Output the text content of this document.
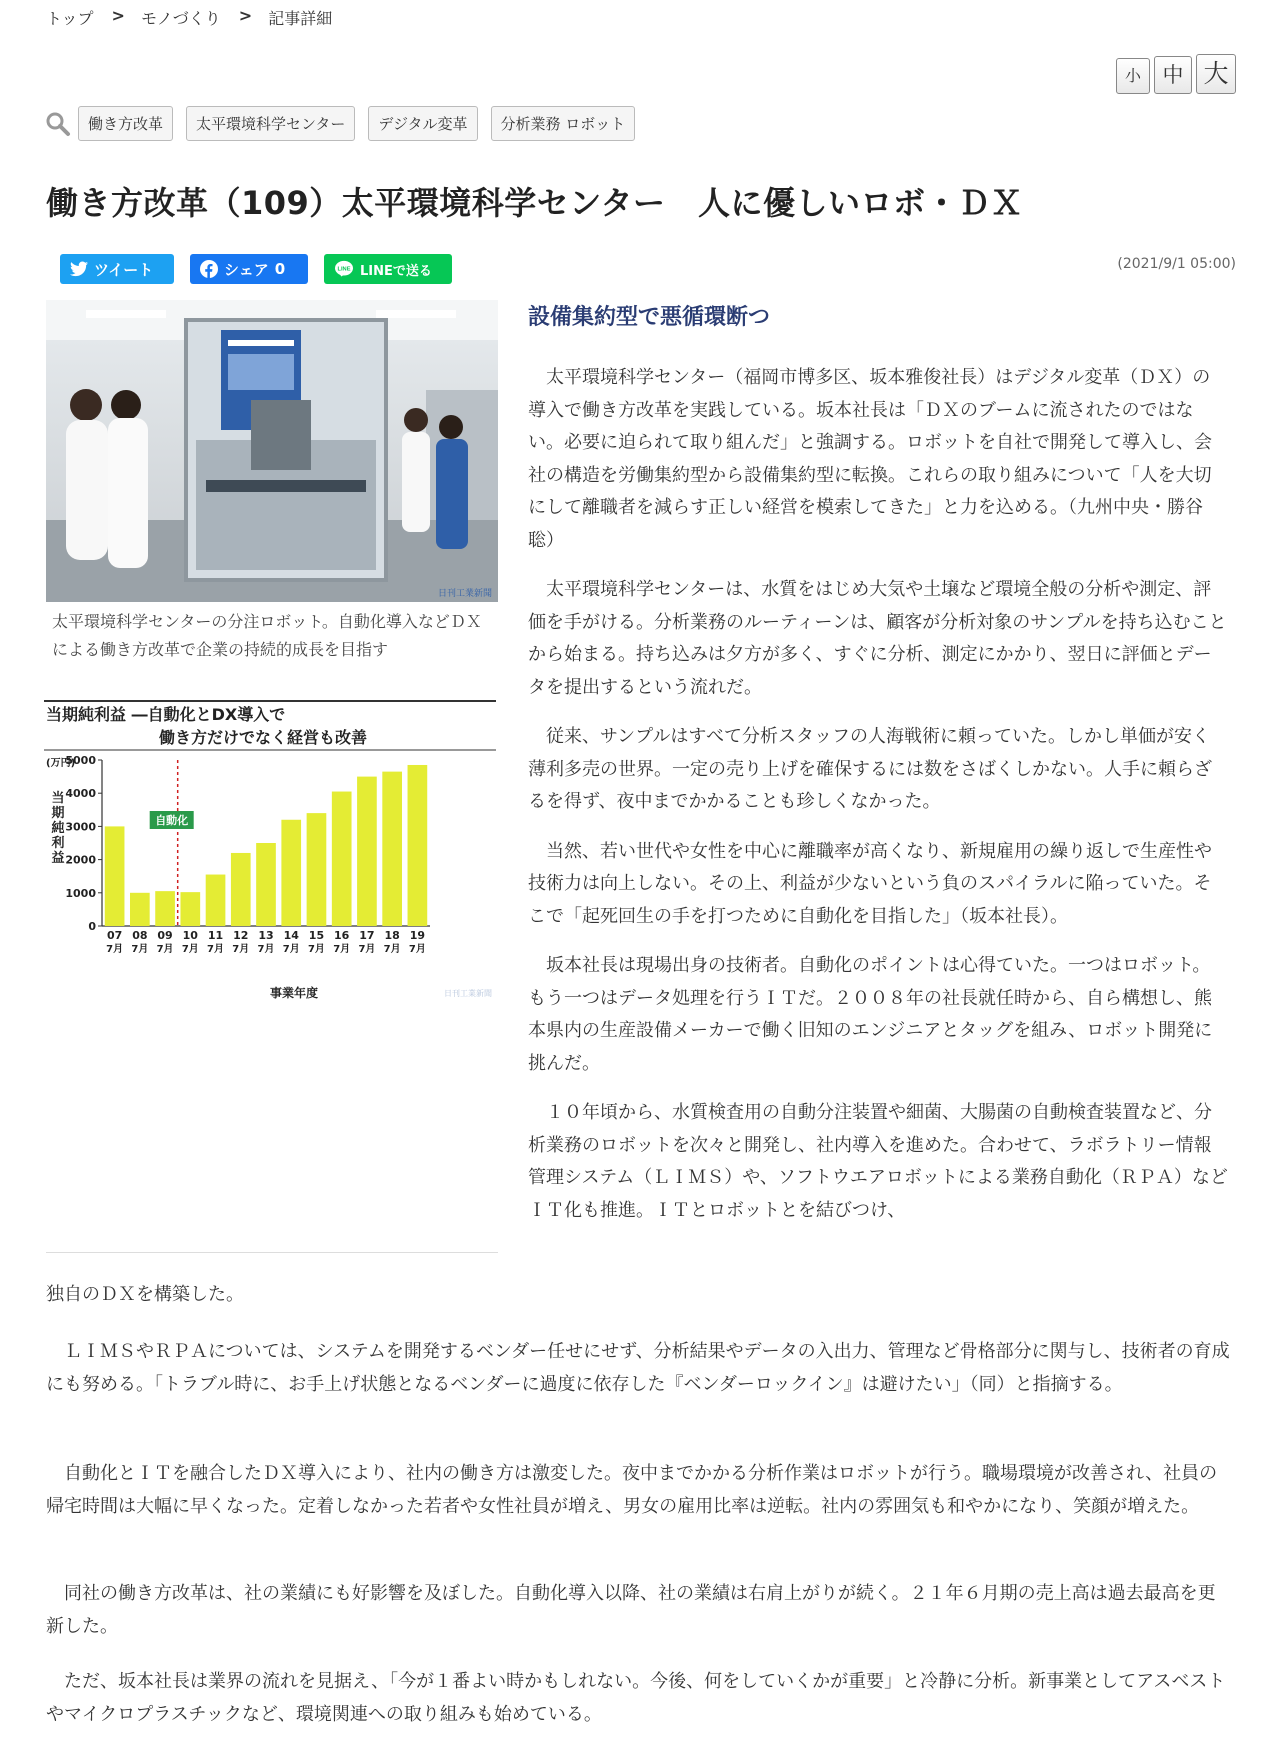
トップ > モノづくり > 記事詳細
小	中 大
働き方改革	太平環境科学センター	デジタル変革	分析業務 ロボット
働き方改革（109）太平環境科学センター　人に優しいロボ・ＤＸ
ツイート	シェア 0	LINE LINEで送る	(2021/9/1 05:00)
日刊工業新聞
太平環境科学センターの分注ロボット。自動化導入などＤＸによる働き方改革で企業の持続的成長を目指す
当期純利益 ―自動化とDX導入で
働き方だけでなく経営も改善
(万円)
当
期
純
利
益
0
1000
2000
3000
4000
5000
07
7月
08
7月
09
7月
10
7月
11
7月
12
7月
13
7月
14
7月
15
7月
16
7月
17
7月
18
7月
19
7月
自動化
事業年度	日刊工業新聞
設備集約型で悪循環断つ

太平環境科学センター（福岡市博多区、坂本雅俊社長）はデジタル変革（ＤＸ）の導入で働き方改革を実践している。坂本社長は「ＤＸのブームに流されたのではない。必要に迫られて取り組んだ」と強調する。ロボットを自社で開発して導入し、会社の構造を労働集約型から設備集約型に転換。これらの取り組みについて「人を大切にして離職者を減らす正しい経営を模索してきた」と力を込める。（九州中央・勝谷聡）

太平環境科学センターは、水質をはじめ大気や土壌など環境全般の分析や測定、評価を手がける。分析業務のルーティーンは、顧客が分析対象のサンプルを持ち込むことから始まる。持ち込みは夕方が多く、すぐに分析、測定にかかり、翌日に評価とデータを提出するという流れだ。

従来、サンプルはすべて分析スタッフの人海戦術に頼っていた。しかし単価が安く薄利多売の世界。一定の売り上げを確保するには数をさばくしかない。人手に頼らざるを得ず、夜中までかかることも珍しくなかった。

当然、若い世代や女性を中心に離職率が高くなり、新規雇用の繰り返しで生産性や技術力は向上しない。その上、利益が少ないという負のスパイラルに陥っていた。そこで「起死回生の手を打つために自動化を目指した」（坂本社長）。

坂本社長は現場出身の技術者。自動化のポイントは心得ていた。一つはロボット。もう一つはデータ処理を行うＩＴだ。２００８年の社長就任時から、自ら構想し、熊本県内の生産設備メーカーで働く旧知のエンジニアとタッグを組み、ロボット開発に挑んだ。

１０年頃から、水質検査用の自動分注装置や細菌、大腸菌の自動検査装置など、分析業務のロボットを次々と開発し、社内導入を進めた。合わせて、ラボラトリー情報管理システム（ＬＩＭＳ）や、ソフトウエアロボットによる業務自動化（ＲＰＡ）などＩＴ化も推進。ＩＴとロボットとを結びつけ、

独自のＤＸを構築した。

ＬＩＭＳやＲＰＡについては、システムを開発するベンダー任せにせず、分析結果やデータの入出力、管理など骨格部分に関与し、技術者の育成にも努める。「トラブル時に、お手上げ状態となるベンダーに過度に依存した『ベンダーロックイン』は避けたい」（同）と指摘する。

自動化とＩＴを融合したＤＸ導入により、社内の働き方は激変した。夜中までかかる分析作業はロボットが行う。職場環境が改善され、社員の帰宅時間は大幅に早くなった。定着しなかった若者や女性社員が増え、男女の雇用比率は逆転。社内の雰囲気も和やかになり、笑顔が増えた。

同社の働き方改革は、社の業績にも好影響を及ぼした。自動化導入以降、社の業績は右肩上がりが続く。２１年６月期の売上高は過去最高を更新した。

ただ、坂本社長は業界の流れを見据え、「今が１番よい時かもしれない。今後、何をしていくかが重要」と冷静に分析。新事業としてアスベストやマイクロプラスチックなど、環境関連への取り組みも始めている。
